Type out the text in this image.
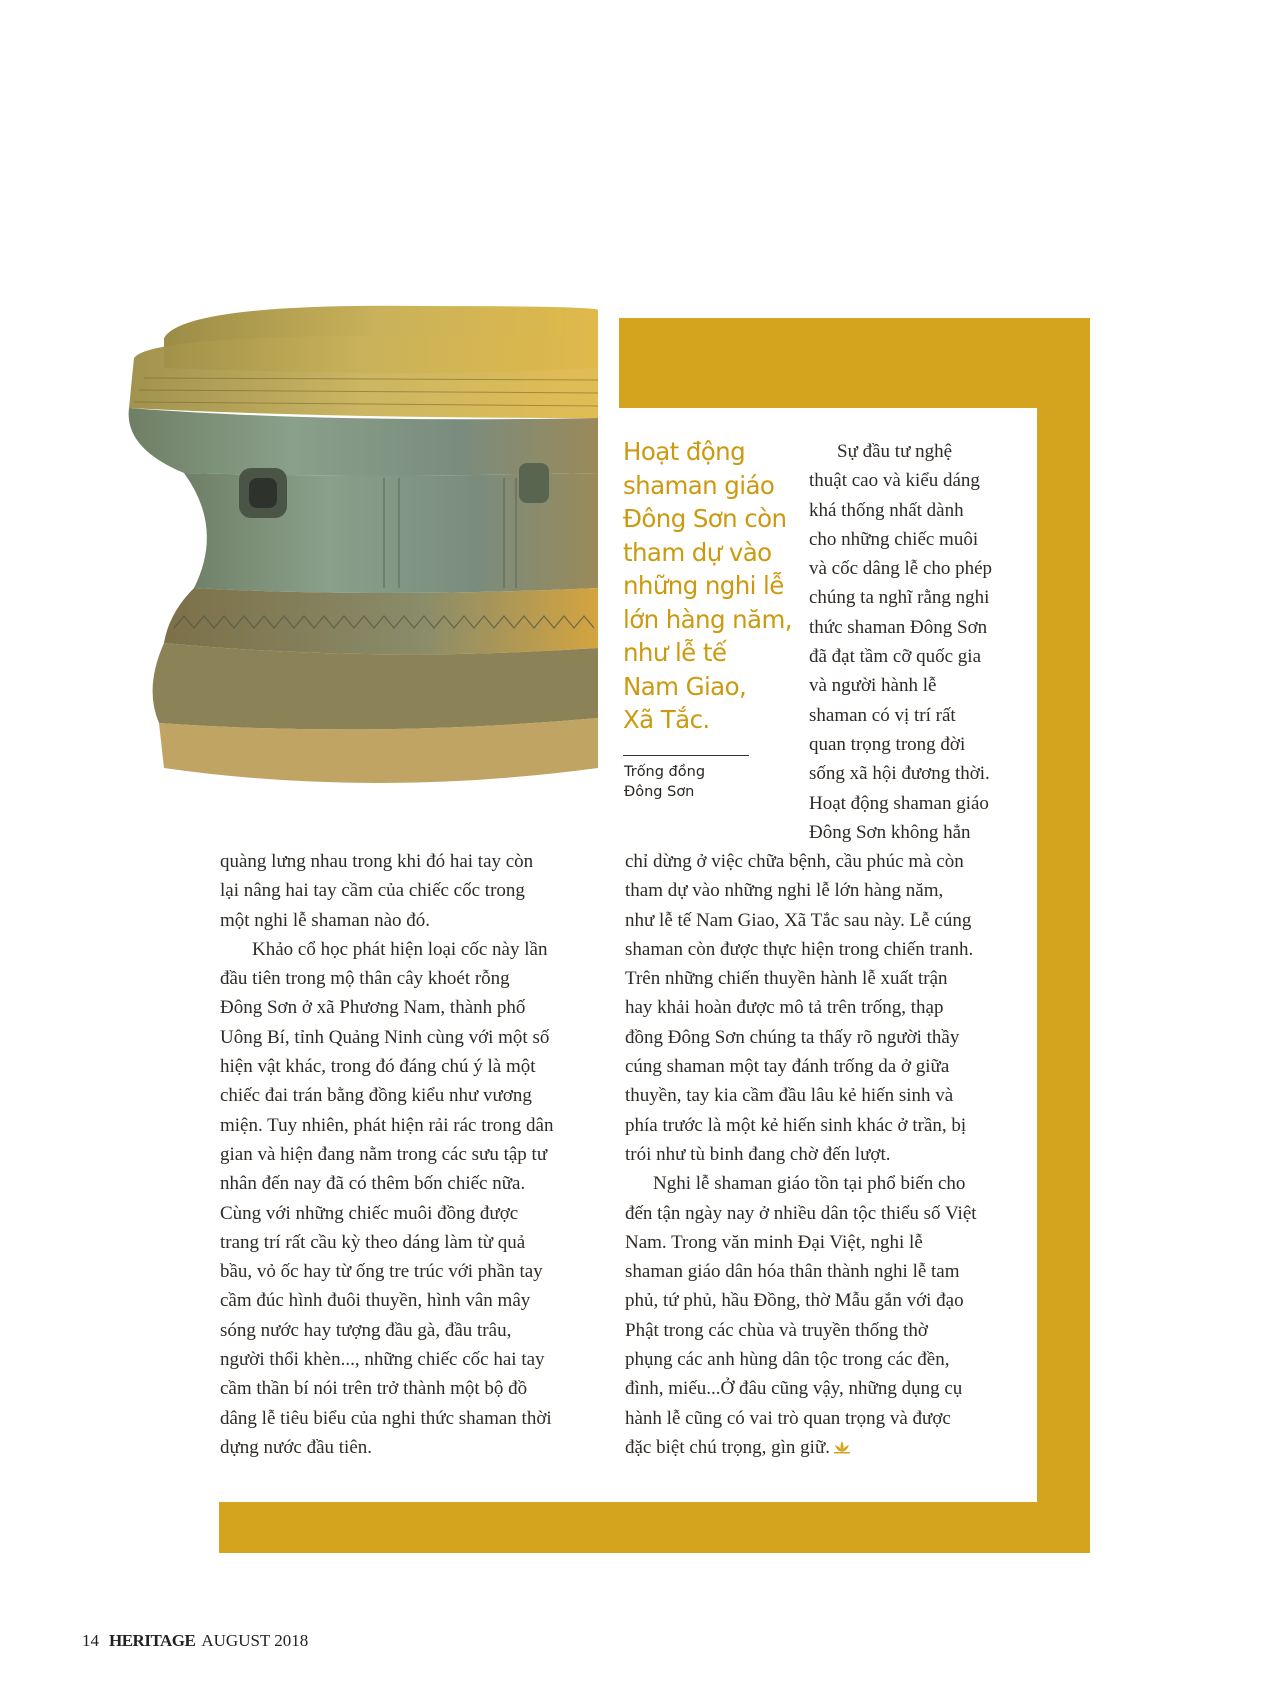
Hoạt động
shaman giáo
Đông Sơn còn
tham dự vào
những nghi lễ
lớn hàng năm,
như lễ tế
Nam Giao,
Xã Tắc.
Trống đồng
Đông Sơn
Sự đầu tư nghệ
thuật cao và kiểu dáng
khá thống nhất dành
cho những chiếc muôi
và cốc dâng lễ cho phép
chúng ta nghĩ rằng nghi
thức shaman Đông Sơn
đã đạt tầm cỡ quốc gia
và người hành lễ
shaman có vị trí rất
quan trọng trong đời
sống xã hội đương thời.
Hoạt động shaman giáo
Đông Sơn không hẳn
chỉ dừng ở việc chữa bệnh, cầu phúc mà còn
tham dự vào những nghi lễ lớn hàng năm,
như lễ tế Nam Giao, Xã Tắc sau này. Lễ cúng
shaman còn được thực hiện trong chiến tranh.
Trên những chiến thuyền hành lễ xuất trận
hay khải hoàn được mô tả trên trống, thạp
đồng Đông Sơn chúng ta thấy rõ người thầy
cúng shaman một tay đánh trống da ở giữa
thuyền, tay kia cầm đầu lâu kẻ hiến sinh và
phía trước là một kẻ hiến sinh khác ở trần, bị
trói như tù binh đang chờ đến lượt.
Nghi lễ shaman giáo tồn tại phổ biến cho
đến tận ngày nay ở nhiều dân tộc thiểu số Việt
Nam. Trong văn minh Đại Việt, nghi lễ
shaman giáo dân hóa thân thành nghi lễ tam
phủ, tứ phủ, hầu Đồng, thờ Mẫu gắn với đạo
Phật trong các chùa và truyền thống thờ
phụng các anh hùng dân tộc trong các đền,
đình, miếu...Ở đâu cũng vậy, những dụng cụ
hành lễ cũng có vai trò quan trọng và được
đặc biệt chú trọng, gìn giữ.
quàng lưng nhau trong khi đó hai tay còn
lại nâng hai tay cầm của chiếc cốc trong
một nghi lễ shaman nào đó.
Khảo cổ học phát hiện loại cốc này lần
đầu tiên trong mộ thân cây khoét rỗng
Đông Sơn ở xã Phương Nam, thành phố
Uông Bí, tỉnh Quảng Ninh cùng với một số
hiện vật khác, trong đó đáng chú ý là một
chiếc đai trán bằng đồng kiểu như vương
miện. Tuy nhiên, phát hiện rải rác trong dân
gian và hiện đang nằm trong các sưu tập tư
nhân đến nay đã có thêm bốn chiếc nữa.
Cùng với những chiếc muôi đồng được
trang trí rất cầu kỳ theo dáng làm từ quả
bầu, vỏ ốc hay từ ống tre trúc với phần tay
cầm đúc hình đuôi thuyền, hình vân mây
sóng nước hay tượng đầu gà, đầu trâu,
người thổi khèn..., những chiếc cốc hai tay
cầm thần bí nói trên trở thành một bộ đồ
dâng lễ tiêu biểu của nghi thức shaman thời
dựng nước đầu tiên.
14 HERITAGE AUGUST 2018
